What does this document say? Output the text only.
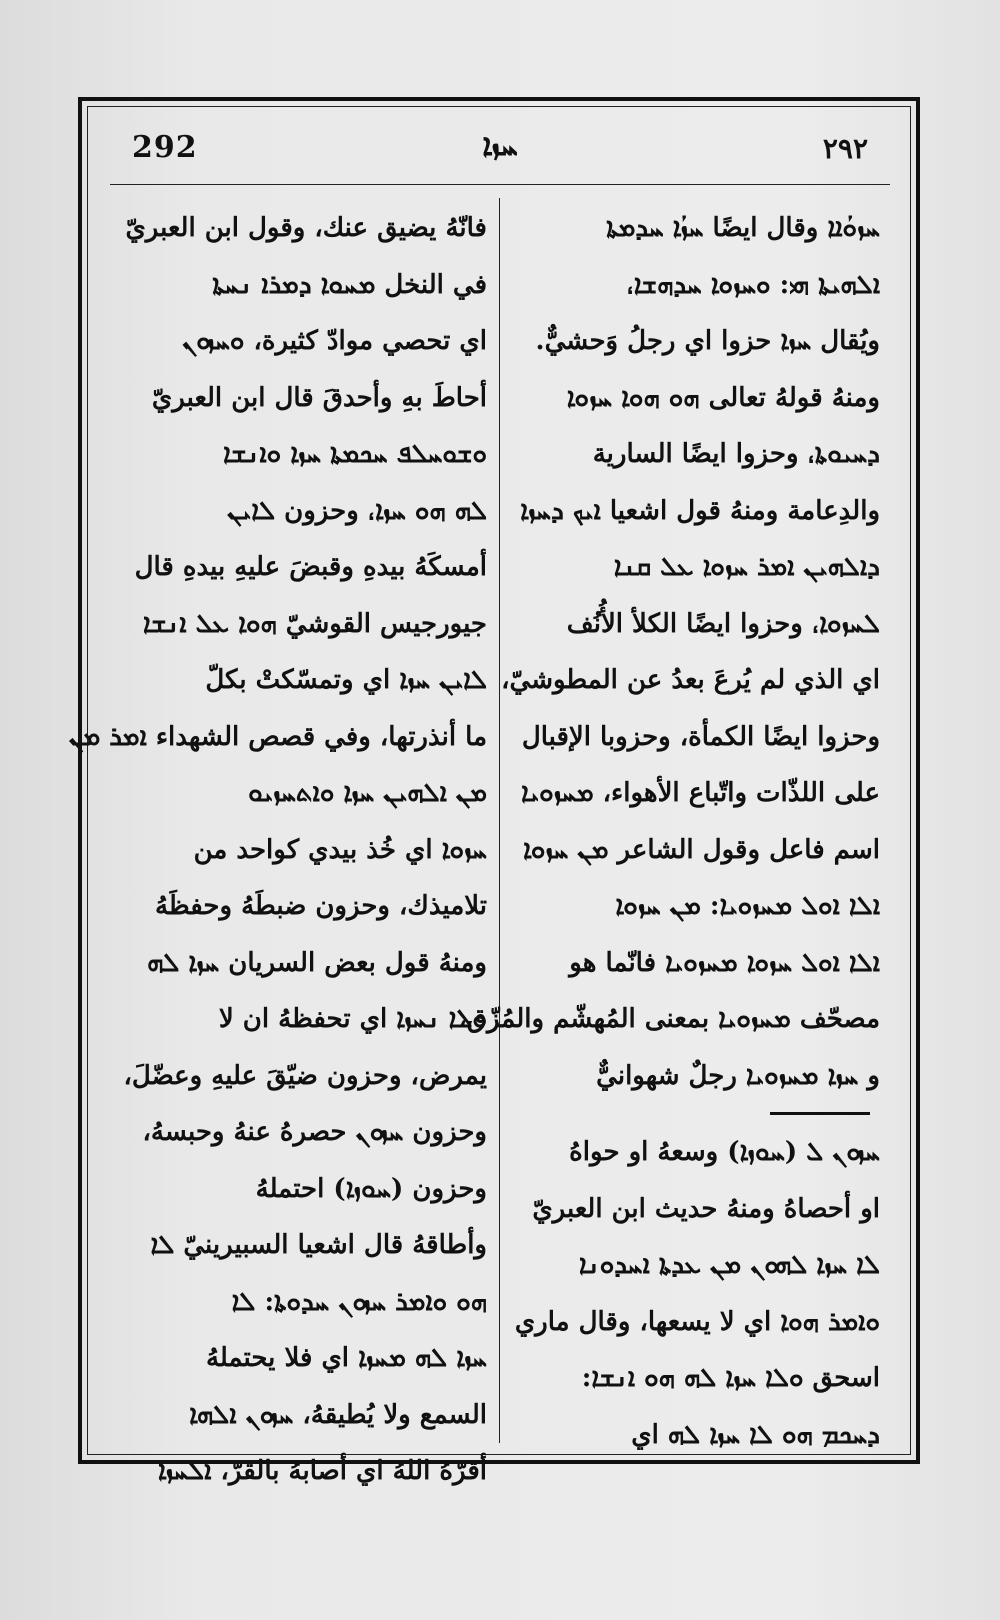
292	ܚܙܐ	٢٩٢
ܚܙܘܳܐܐ وقال ايضًا ܚܙܳܐ ܚܕܡܬܐ
ܐܠܗܝܬܐ ܗܝ: ܘܚܙܘܐ ܚܕܗܫܐ،
ويُقال ܚܙܐ حزوا اي رجلُ وَحشيٌّ.
ومنهُ قولهُ تعالى ܗܘ ܗܘܐ ܚܙܘܐ
ܕܚܝܘܬܐ، وحزوا ايضًا السارية
والدِعامة ومنهُ قول اشعيا ܐܝܟ ܕܚܙܐ
ܕܐܠܗܝܢ ܐܡܪ ܚܙܘܐ ܥܠ ܩܢܐ
ܠܚܙܘܐ، وحزوا ايضًا الكلأ الأُنُف
اي الذي لم يُرعَ بعدُ عن المطوشيّ،
وحزوا ايضًا الكمأة، وحزوبا الإقبال
على اللذّات واتّباع الأهواء، ܡܚܙܘܝܐ
اسم فاعل وقول الشاعر ܡܢ ܚܙܘܐ
ܐܠܐ ܐܘܠ ܡܚܙܘܝܐ: ܡܢ ܚܙܘܐ
ܐܠܐ ܐܘܠ ܚܙܘܐ ܡܚܙܘܝܐ فانّما هو
مصحّف ܡܚܙܘܝܐ بمعنى المُهشّم والمُزّق،
و ܚܙܐ ܡܚܙܘܝܐ رجلٌ شهوانيٌّ
ܚܙܘܢ ܠ (ܚܘܙܐ) وسعهُ او حواهُ
او أحصاهُ ومنهُ حديث ابن العبريّ
ܠܐ ܚܙܐ ܠܗܘܢ ܡܢ ܥܕܬܐ ܐܚܕܘܢܐ
ܘܐܡܪ ܗܘܐ اي لا يسعها، وقال ماري
اسحق ܘܠܐ ܚܙܐ ܠܗ ܗܘ ܐܢܫܐ:
ܕܚܟܡ ܗܘ ܠܐ ܚܙܐ ܠܗ اي
فانّهُ يضيق عنك، وقول ابن العبريّ
في النخل ܡܚܘܐ ܕܡܪܐ ܢܚܬܐ
اي تحصي موادّ كثيرة، ܘܚܙܘܢ
أحاطَ بهِ وأحدقَ قال ابن العبريّ
ܘܫܘܚܠܦ ܚܟܡܬܐ ܚܙܐ ܘܐܢܫܐ
ܠܗ ܗܘ ܚܙܐ، وحزون ܠܐܝܢ
أمسكَهُ بيدهِ وقبضَ عليهِ بيدهِ قال
جيورجيس القوشيّ ܗܘܐ ܥܠ ܐܢܫܐ
ܠܐܝܢ ܚܙܐ اي وتمسّكتْ بكلّ
ما أنذرتها، وفي قصص الشهداء ܐܡܪ ܡܢ
ܡܢ ܐܠܗܝܢ ܚܙܐ ܘܐܬܚܙܝܘ
ܚܙܘܐ اي خُذ بيدي كواحد من
تلاميذك، وحزون ضبطَهُ وحفظَهُ
ومنهُ قول بعض السريان ܚܙܐ ܠܗ
ܘܠܐ ܢܚܙܐ اي تحفظهُ ان لا
يمرض، وحزون ضيّقَ عليهِ وعضّلَ،
وحزون ܚܙܘܢ حصرهُ عنهُ وحبسهُ،
وحزون (ܚܘܙܐ) احتملهُ
وأطاقهُ قال اشعيا السبيرينيّ ܠܐ
ܗܘ ܘܐܡܪ ܚܙܘܢ ܚܕܘܬܐ: ܠܐ
ܚܙܐ ܠܗ ܡܚܙܐ اي فلا يحتملهُ
السمع ولا يُطيقهُ، ܚܙܘܢ ܐܠܗܐ
أقرّهُ اللهُ اي أصابهُ بالقرّ، ܐܠܚܙܐ
